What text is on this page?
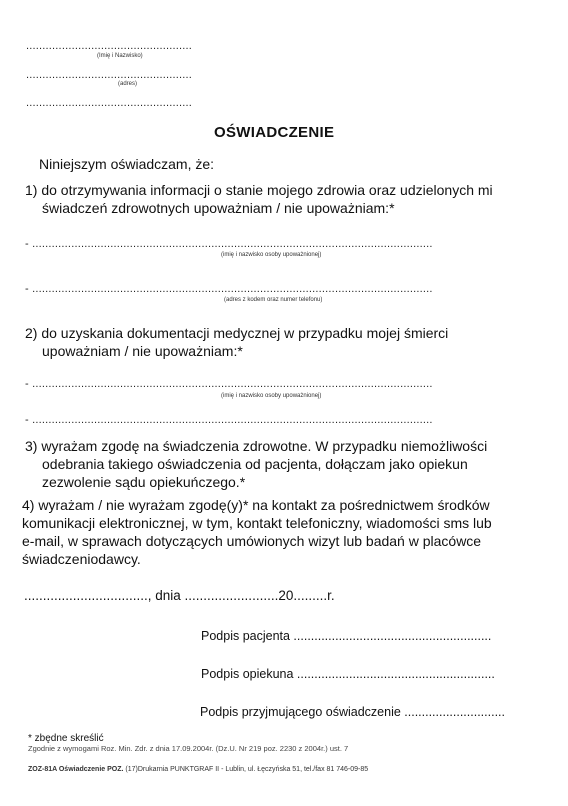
...................................................
(Imię i Nazwisko)
...................................................
(adres)
...................................................
OŚWIADCZENIE
Niniejszym oświadczam, że:
1) do otrzymywania informacji o stanie mojego zdrowia oraz udzielonych mi
świadczeń zdrowotnych upoważniam / nie upoważniam:*
- ...........................................................................................................................
(imię i nazwisko osoby upoważnionej)
- ...........................................................................................................................
(adres z kodem oraz numer telefonu)
2) do uzyskania dokumentacji medycznej w przypadku mojej śmierci
upoważniam / nie upoważniam:*
- ...........................................................................................................................
(imię i nazwisko osoby upoważnionej)
- ...........................................................................................................................
3) wyrażam zgodę na świadczenia zdrowotne. W przypadku niemożliwości
odebrania takiego oświadczenia od pacjenta, dołączam jako opiekun
zezwolenie sądu opiekuńczego.*
4) wyrażam / nie wyrażam zgodę(y)* na kontakt za pośrednictwem środków
komunikacji elektronicznej, w tym, kontakt telefoniczny, wiadomości sms lub
e-mail, w sprawach dotyczących umówionych wizyt lub badań w placówce
świadczeniodawcy.
................................., dnia .........................20.........r.
Podpis pacjenta .........................................................
Podpis opiekuna .........................................................
Podpis przyjmującego oświadczenie .............................
* zbędne skreślić
Zgodnie z wymogami Roz. Min. Zdr. z dnia 17.09.2004r. (Dz.U. Nr 219 poz. 2230 z 2004r.) ust. 7
ZOZ-81A Oświadczenie POZ. (17)Drukarnia PUNKTGRAF II - Lublin, ul. Łęczyńska 51, tel./fax 81 746-09-85
